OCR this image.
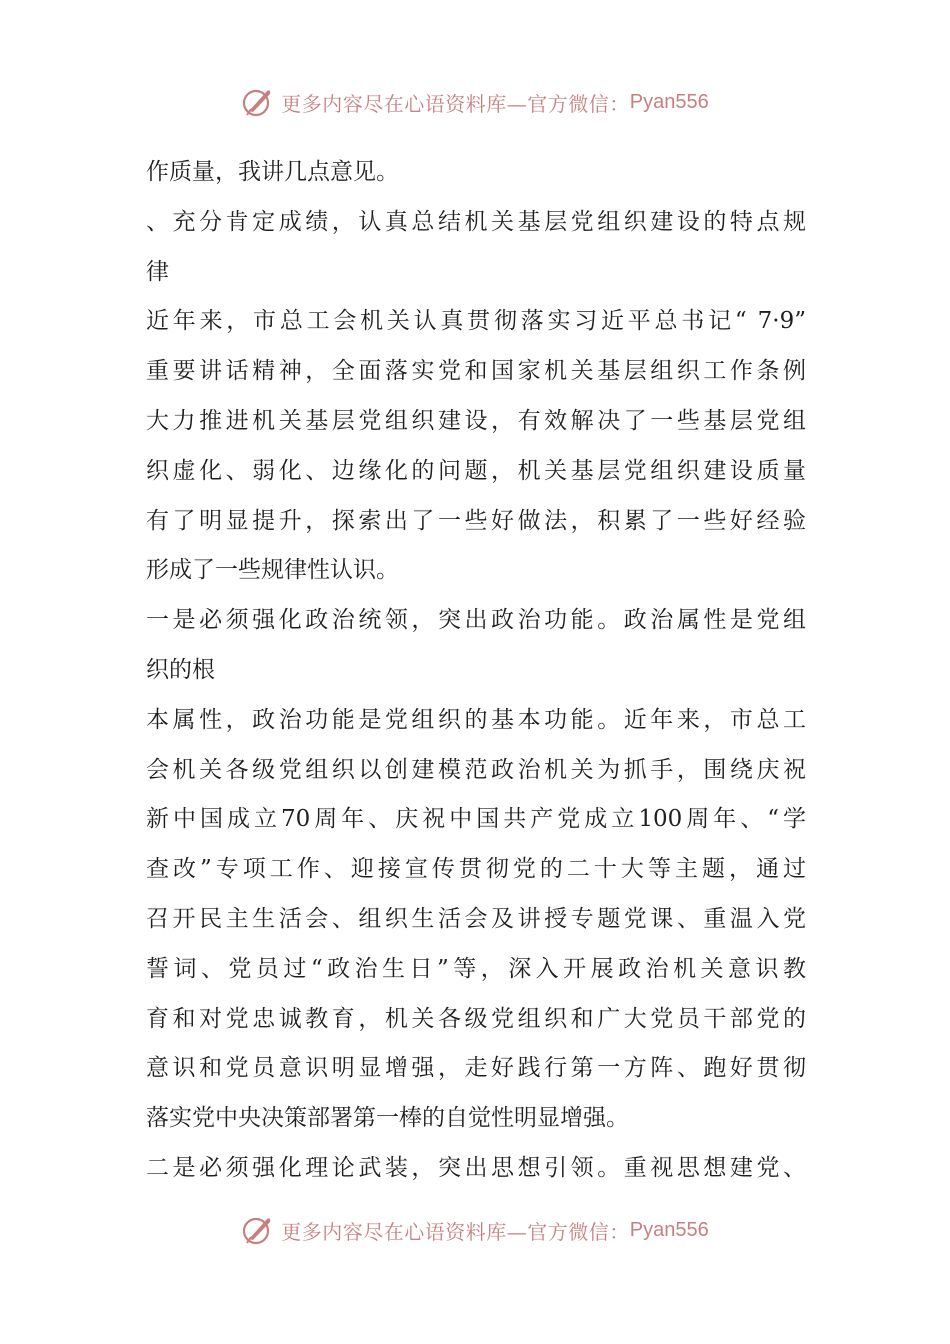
更多内容尽在心语资料库—官方微信： Pyan556
作质量，我讲几点意见。
、充分肯定成绩，认真总结机关基层党组织建设的特点规
律
近年来，市总工会机关认真贯彻落实习近平总书记“ 7·9”
重要讲话精神，全面落实党和国家机关基层组织工作条例
大力推进机关基层党组织建设，有效解决了一些基层党组
织虚化、弱化、边缘化的问题，机关基层党组织建设质量
有了明显提升，探索出了一些好做法，积累了一些好经验
形成了一些规律性认识。
一是必须强化政治统领，突出政治功能。政治属性是党组
织的根
本属性，政治功能是党组织的基本功能。近年来，市总工
会机关各级党组织以创建模范政治机关为抓手，围绕庆祝
新中国成立70周年、庆祝中国共产党成立100周年、“学
查改”专项工作、迎接宣传贯彻党的二十大等主题，通过
召开民主生活会、组织生活会及讲授专题党课、重温入党
誓词、党员过“政治生日”等，深入开展政治机关意识教
育和对党忠诚教育，机关各级党组织和广大党员干部党的
意识和党员意识明显增强，走好践行第一方阵、跑好贯彻
落实党中央决策部署第一棒的自觉性明显增强。
二是必须强化理论武装，突出思想引领。重视思想建党、
更多内容尽在心语资料库—官方微信： Pyan556
